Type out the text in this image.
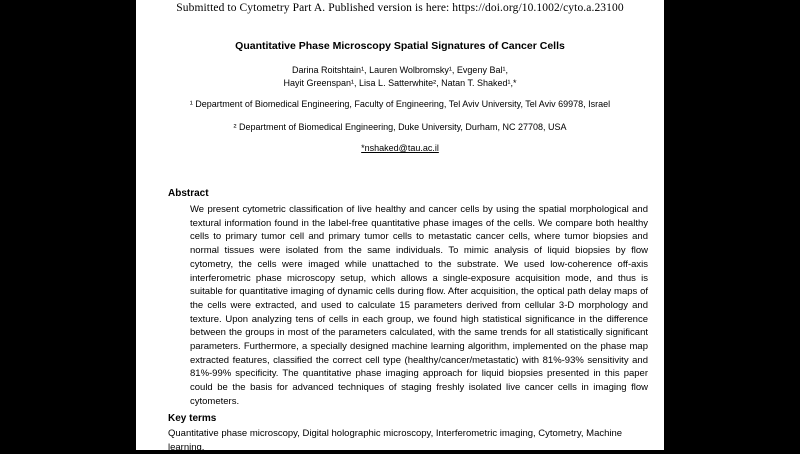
Submitted to Cytometry Part A. Published version is here: https://doi.org/10.1002/cyto.a.23100
Quantitative Phase Microscopy Spatial Signatures of Cancer Cells
Darina Roitshtain¹, Lauren Wolbromsky¹, Evgeny Bal¹,
Hayit Greenspan¹, Lisa L. Satterwhite², Natan T. Shaked¹,*
¹ Department of Biomedical Engineering, Faculty of Engineering, Tel Aviv University, Tel Aviv 69978, Israel
² Department of Biomedical Engineering, Duke University, Durham, NC 27708, USA
*nshaked@tau.ac.il
Abstract
We present cytometric classification of live healthy and cancer cells by using the spatial morphological and textural information found in the label-free quantitative phase images of the cells. We compare both healthy cells to primary tumor cell and primary tumor cells to metastatic cancer cells, where tumor biopsies and normal tissues were isolated from the same individuals. To mimic analysis of liquid biopsies by flow cytometry, the cells were imaged while unattached to the substrate. We used low-coherence off-axis interferometric phase microscopy setup, which allows a single-exposure acquisition mode, and thus is suitable for quantitative imaging of dynamic cells during flow. After acquisition, the optical path delay maps of the cells were extracted, and used to calculate 15 parameters derived from cellular 3-D morphology and texture. Upon analyzing tens of cells in each group, we found high statistical significance in the difference between the groups in most of the parameters calculated, with the same trends for all statistically significant parameters. Furthermore, a specially designed machine learning algorithm, implemented on the phase map extracted features, classified the correct cell type (healthy/cancer/metastatic) with 81%-93% sensitivity and 81%-99% specificity. The quantitative phase imaging approach for liquid biopsies presented in this paper could be the basis for advanced techniques of staging freshly isolated live cancer cells in imaging flow cytometers.
Key terms
Quantitative phase microscopy, Digital holographic microscopy, Interferometric imaging, Cytometry, Machine learning.
